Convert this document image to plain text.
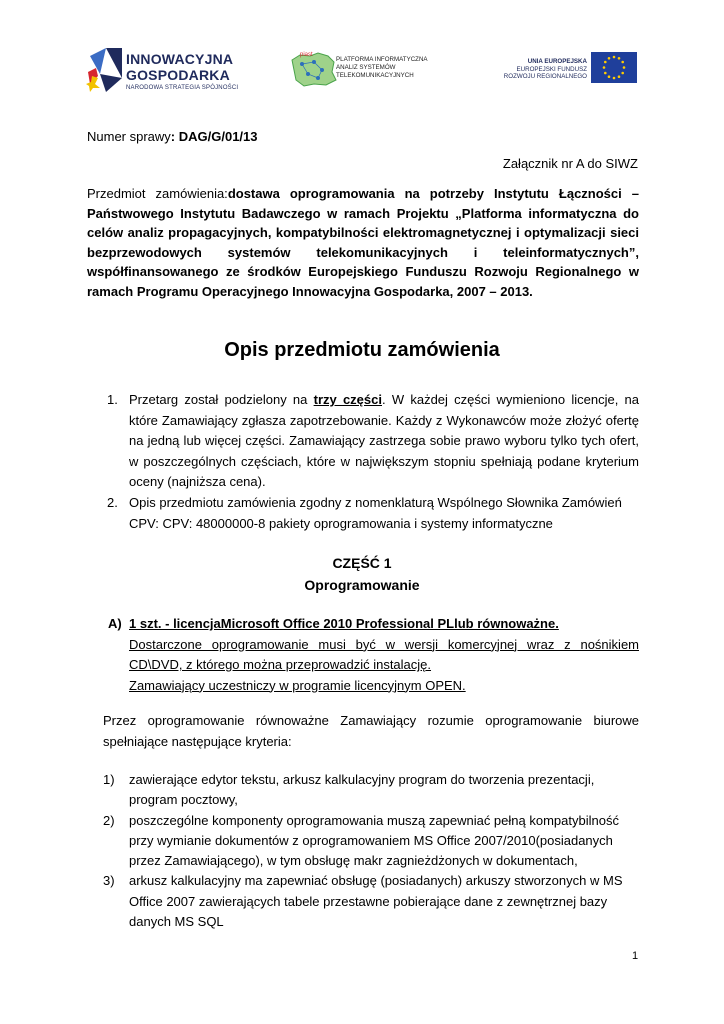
INNOWACYJNA
GOSPODARKA
NARODOWA STRATEGIA SPÓJNOŚCI
piast
PLATFORMA INFORMATYCZNA
ANALIZ SYSTEMÓW
TELEKOMUNIKACYJNYCH
UNIA EUROPEJSKA
EUROPEJSKI FUNDUSZ
ROZWOJU REGIONALNEGO
Numer sprawy: DAG/G/01/13
Załącznik nr A do SIWZ
Przedmiot zamówienia:dostawa oprogramowania na potrzeby Instytutu Łączności – Państwowego Instytutu Badawczego w ramach Projektu „Platforma informatyczna do celów analiz propagacyjnych, kompatybilności elektromagnetycznej i optymalizacji sieci bezprzewodowych systemów telekomunikacyjnych i teleinformatycznych”, współfinansowanego ze środków Europejskiego Funduszu Rozwoju Regionalnego w ramach Programu Operacyjnego Innowacyjna Gospodarka, 2007 – 2013.
Opis przedmiotu zamówienia
1. Przetarg został podzielony na trzy części. W każdej części wymieniono licencje, na które Zamawiający zgłasza zapotrzebowanie. Każdy z Wykonawców może złożyć ofertę na jedną lub więcej części. Zamawiający zastrzega sobie prawo wyboru tylko tych ofert, w poszczególnych częściach, które w największym stopniu spełniają podane kryterium oceny (najniższa cena).
2. Opis przedmiotu zamówienia zgodny z nomenklaturą Wspólnego Słownika Zamówień CPV: CPV: 48000000-8 pakiety oprogramowania i systemy informatyczne
CZĘŚĆ 1
Oprogramowanie
A) 1 szt. - licencjaMicrosoft Office 2010 Professional PLlub równoważne.
Dostarczone oprogramowanie musi być w wersji komercyjnej wraz z nośnikiem CD\DVD, z którego można przeprowadzić instalację.
Zamawiający uczestniczy w programie licencyjnym OPEN.
Przez oprogramowanie równoważne Zamawiający rozumie oprogramowanie biurowe spełniające następujące kryteria:
1) zawierające edytor tekstu, arkusz kalkulacyjny program do tworzenia prezentacji, program pocztowy,
2) poszczególne komponenty oprogramowania muszą zapewniać pełną kompatybilność przy wymianie dokumentów z oprogramowaniem MS Office 2007/2010(posiadanych przez Zamawiającego), w tym obsługę makr zagnieżdżonych w dokumentach,
3) arkusz kalkulacyjny ma zapewniać obsługę (posiadanych) arkuszy stworzonych w MS Office 2007 zawierających tabele przestawne pobierające dane z zewnętrznej bazy danych MS SQL
1
